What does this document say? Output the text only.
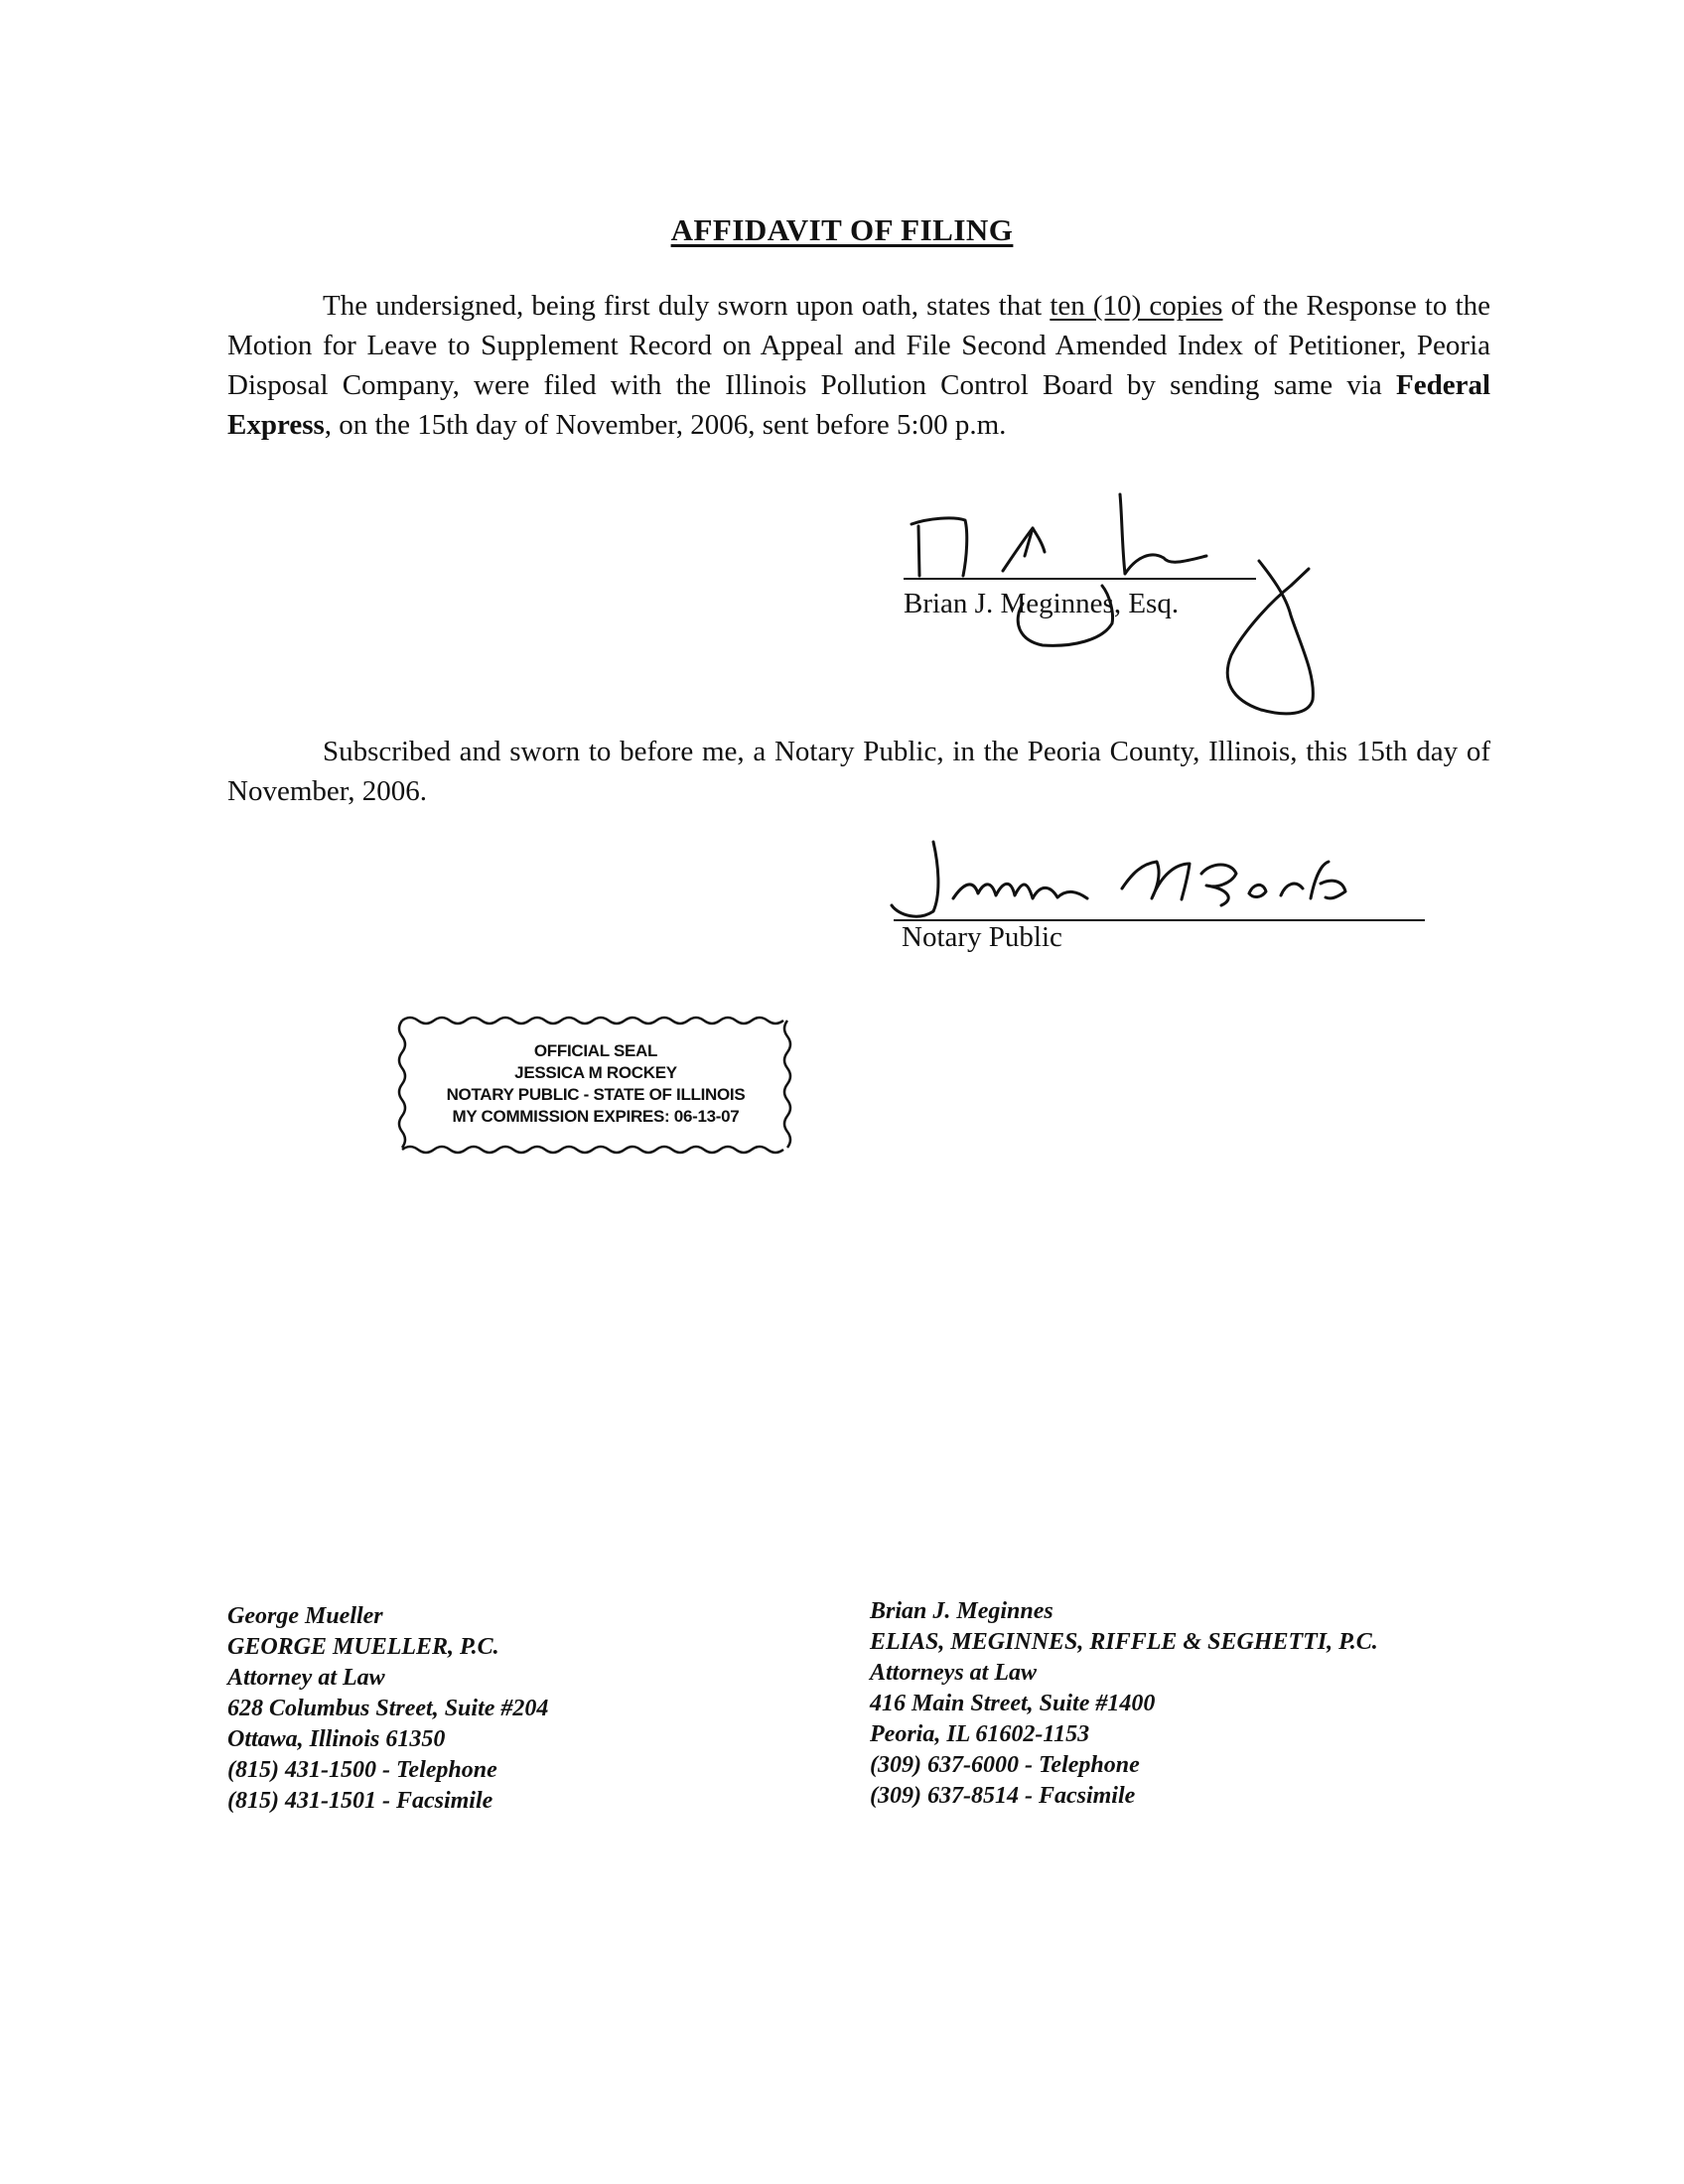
AFFIDAVIT OF FILING
The undersigned, being first duly sworn upon oath, states that ten (10) copies of the Response to the Motion for Leave to Supplement Record on Appeal and File Second Amended Index of Petitioner, Peoria Disposal Company, were filed with the Illinois Pollution Control Board by sending same via Federal Express, on the 15th day of November, 2006, sent before 5:00 p.m.
Brian J. Meginnes, Esq.
Subscribed and sworn to before me, a Notary Public, in the Peoria County, Illinois, this 15th day of November, 2006.
Notary Public
OFFICIAL SEAL
JESSICA M ROCKEY
NOTARY PUBLIC - STATE OF ILLINOIS
MY COMMISSION EXPIRES: 06-13-07
George Mueller
GEORGE MUELLER, P.C.
Attorney at Law
628 Columbus Street, Suite #204
Ottawa, Illinois 61350
(815) 431-1500 - Telephone
(815) 431-1501 - Facsimile
Brian J. Meginnes
ELIAS, MEGINNES, RIFFLE & SEGHETTI, P.C.
Attorneys at Law
416 Main Street, Suite #1400
Peoria, IL 61602-1153
(309) 637-6000 - Telephone
(309) 637-8514 - Facsimile
